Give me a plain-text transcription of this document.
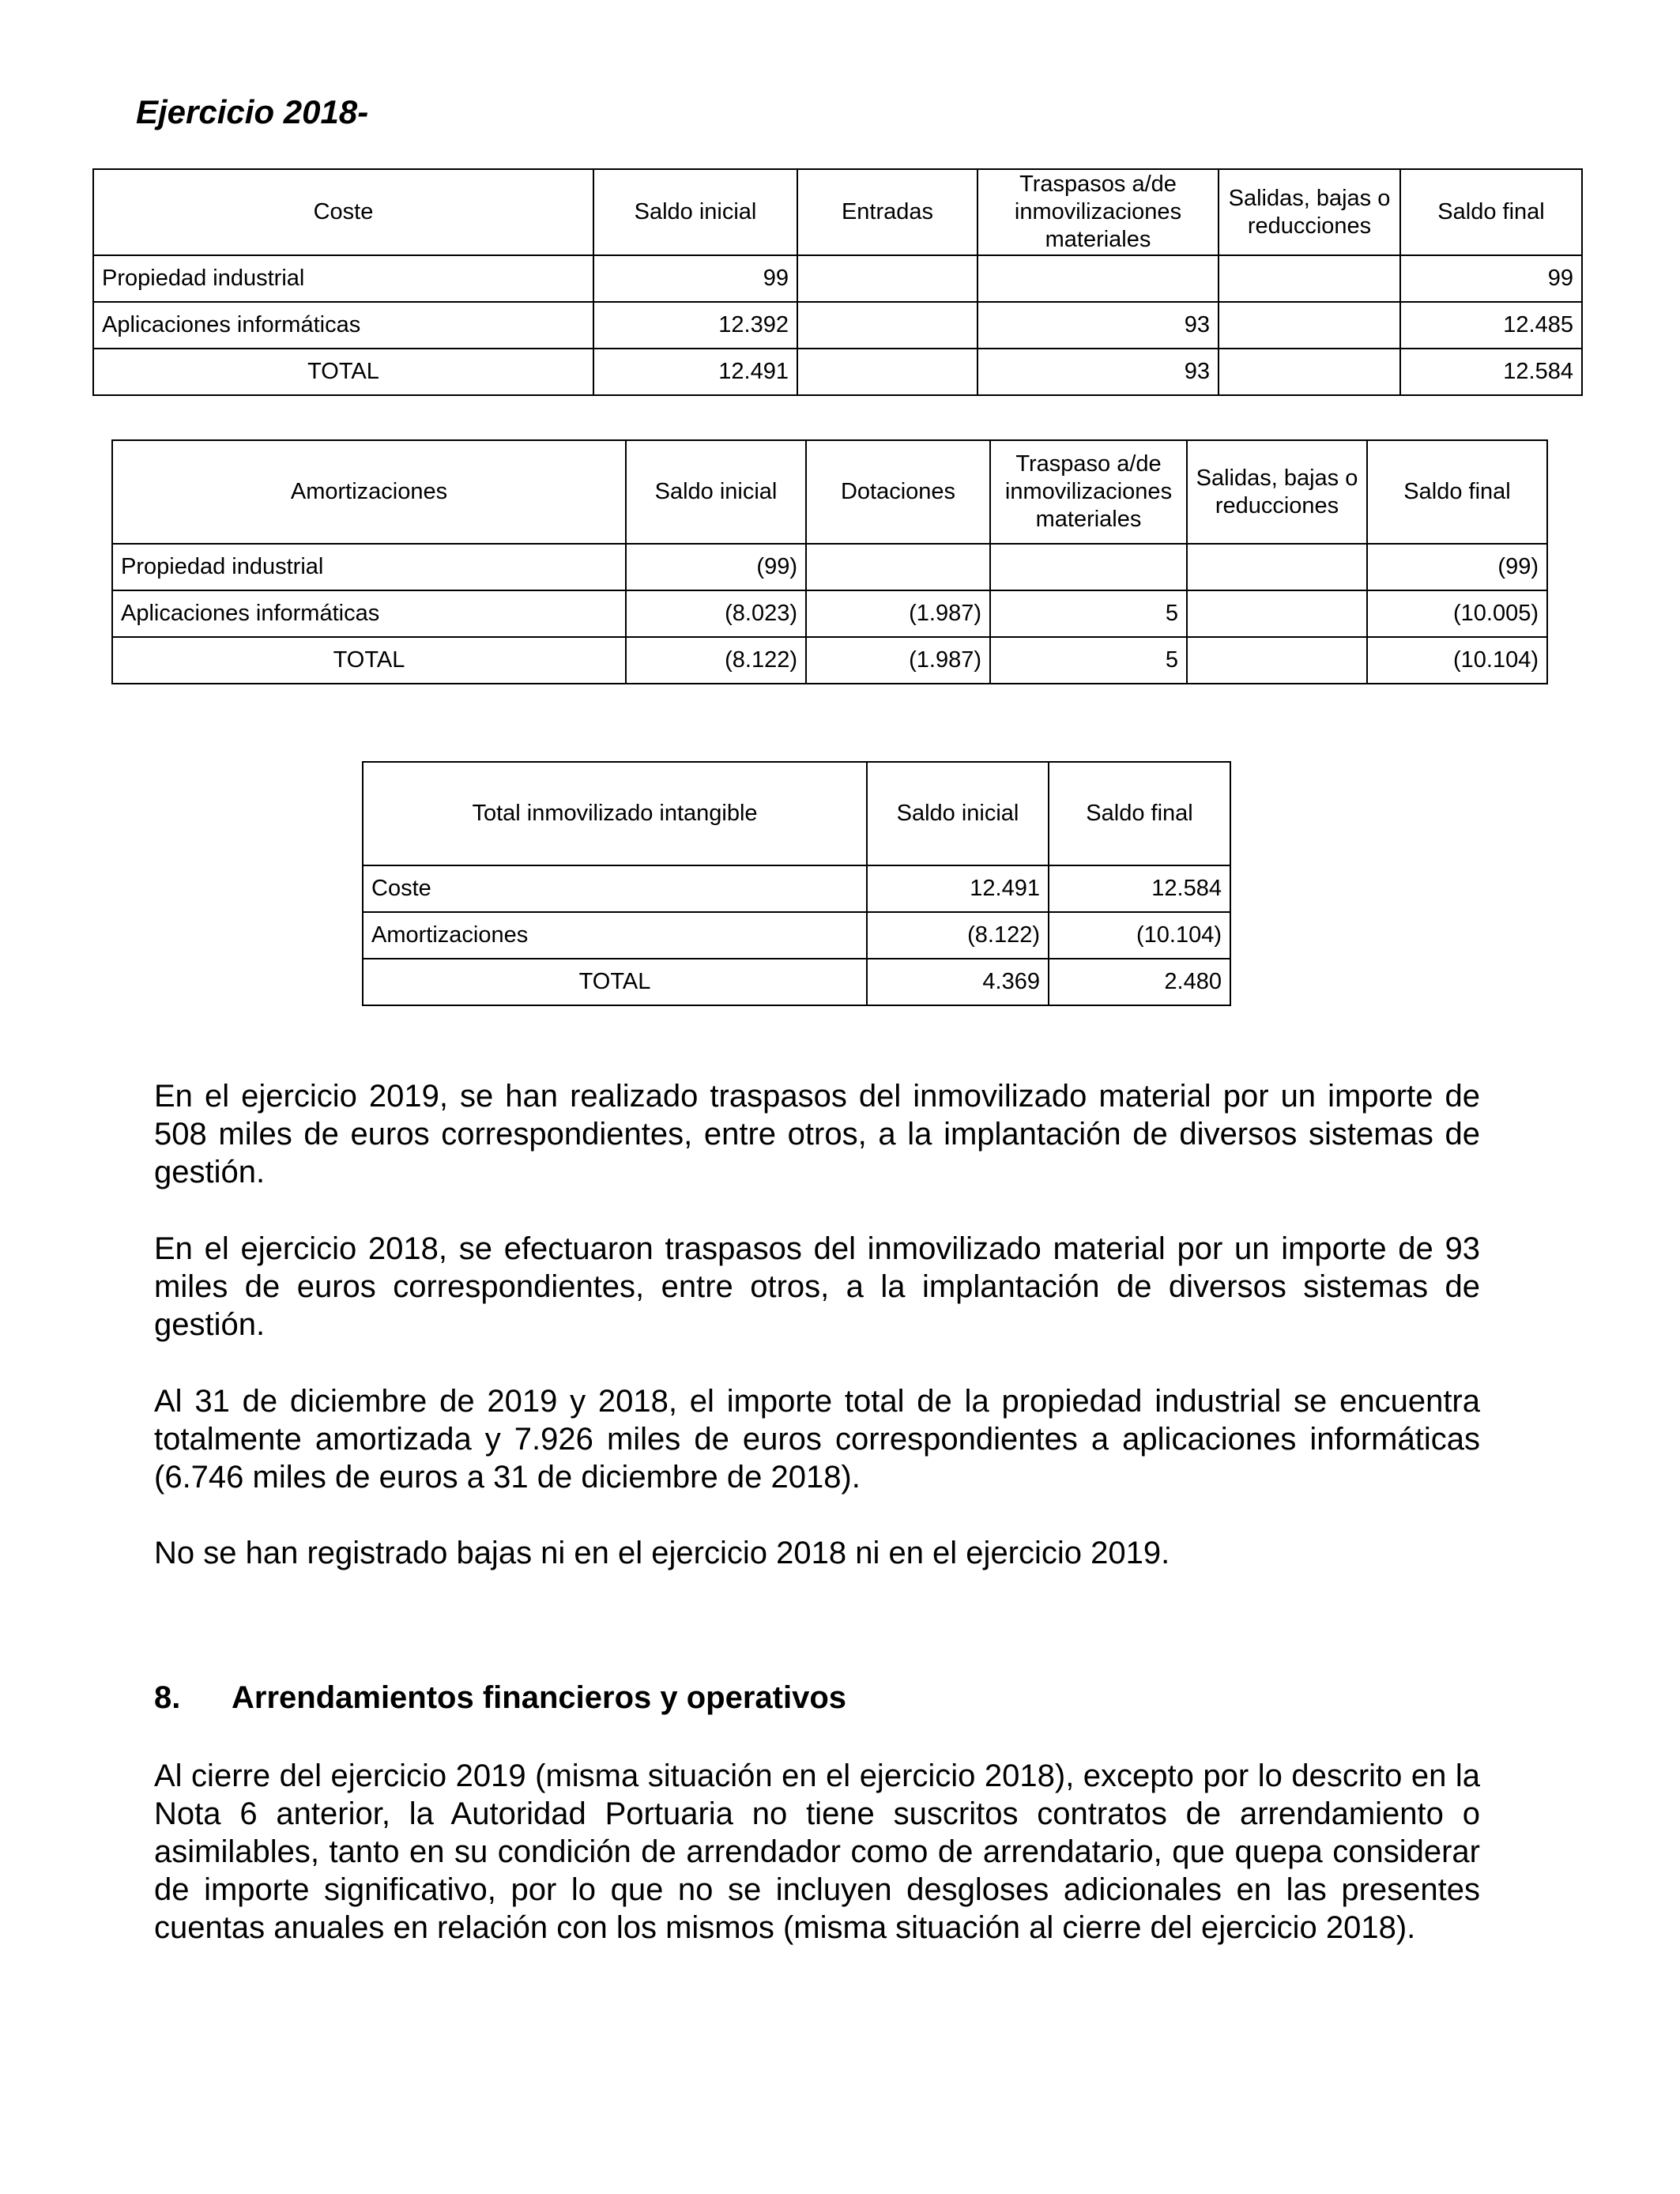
Ejercicio 2018-
Coste	Saldo inicial	Entradas	Traspasos a/de inmovilizaciones materiales	Salidas, bajas o reducciones	Saldo final
Propiedad industrial	99				99
Aplicaciones informáticas	12.392		93		12.485
TOTAL	12.491		93		12.584
Amortizaciones	Saldo inicial	Dotaciones	Traspaso a/de inmovilizaciones materiales	Salidas, bajas o reducciones	Saldo final
Propiedad industrial	(99)				(99)
Aplicaciones informáticas	(8.023)	(1.987)	5		(10.005)
TOTAL	(8.122)	(1.987)	5		(10.104)
Total inmovilizado intangible	Saldo inicial	Saldo final
Coste	12.491	12.584
Amortizaciones	(8.122)	(10.104)
TOTAL	4.369	2.480

En el ejercicio 2019, se han realizado traspasos del inmovilizado material por un importe de 508 miles de euros correspondientes, entre otros, a la implantación de diversos sistemas de gestión.

En el ejercicio 2018, se efectuaron traspasos del inmovilizado material por un importe de 93 miles de euros correspondientes, entre otros, a la implantación de diversos sistemas de gestión.

Al 31 de diciembre de 2019 y 2018, el importe total de la propiedad industrial se encuentra totalmente amortizada y 7.926 miles de euros correspondientes a aplicaciones informáticas (6.746 miles de euros a 31 de diciembre de 2018).

No se han registrado bajas ni en el ejercicio 2018 ni en el ejercicio 2019.

8. Arrendamientos financieros y operativos

Al cierre del ejercicio 2019 (misma situación en el ejercicio 2018), excepto por lo descrito en la Nota 6 anterior, la Autoridad Portuaria no tiene suscritos contratos de arrendamiento o asimilables, tanto en su condición de arrendador como de arrendatario, que quepa considerar de importe significativo, por lo que no se incluyen desgloses adicionales en las presentes cuentas anuales en relación con los mismos (misma situación al cierre del ejercicio 2018).
